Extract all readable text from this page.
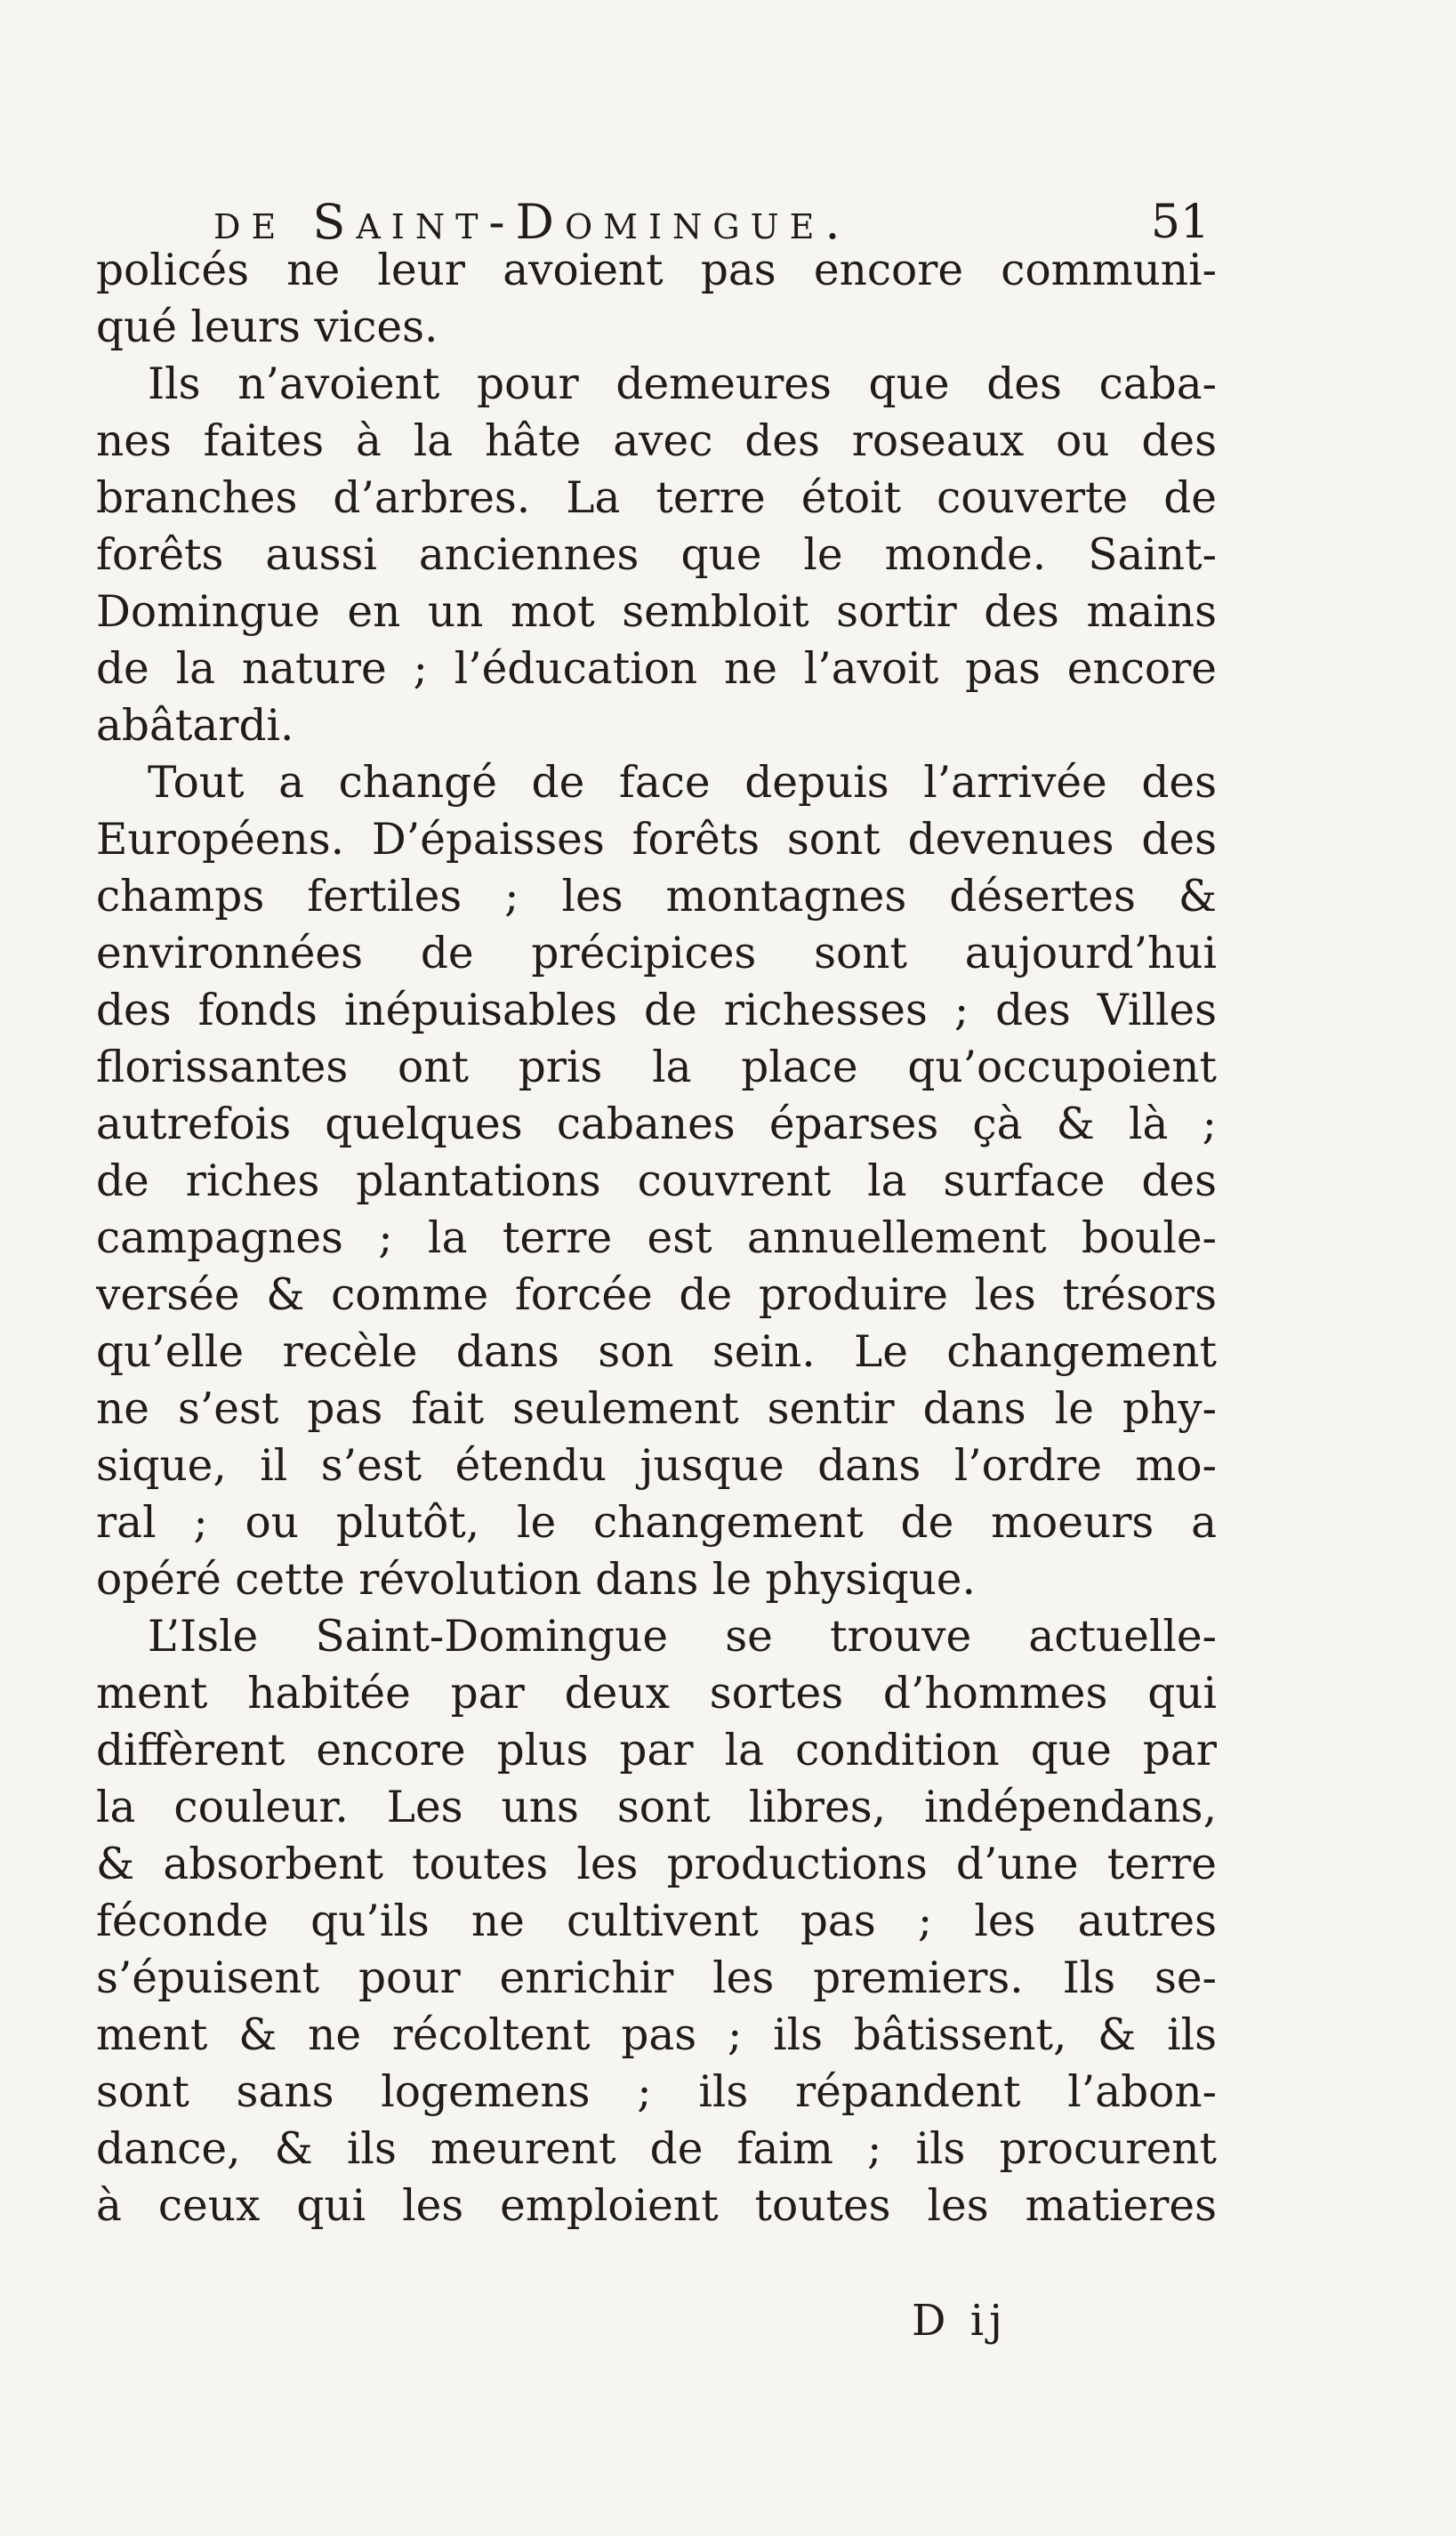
de Saint-Domingue.	51
policés ne leur avoient pas encore communi-
qué leurs vices.
Ils n’avoient pour demeures que des caba-
nes faites à la hâte avec des roseaux ou des
branches d’arbres. La terre étoit couverte de
forêts aussi anciennes que le monde. Saint-
Domingue en un mot sembloit sortir des mains
de la nature ; l’éducation ne l’avoit pas encore
abâtardi.
Tout a changé de face depuis l’arrivée des
Européens. D’épaisses forêts sont devenues des
champs fertiles ; les montagnes désertes &
environnées de précipices sont aujourd’hui
des fonds inépuisables de richesses ; des Villes
florissantes ont pris la place qu’occupoient
autrefois quelques cabanes éparses çà & là ;
de riches plantations couvrent la surface des
campagnes ; la terre est annuellement boule-
versée & comme forcée de produire les trésors
qu’elle recèle dans son sein. Le changement
ne s’est pas fait seulement sentir dans le phy-
sique, il s’est étendu jusque dans l’ordre mo-
ral ; ou plutôt, le changement de moeurs a
opéré cette révolution dans le physique.
L’Isle Saint-Domingue se trouve actuelle-
ment habitée par deux sortes d’hommes qui
diffèrent encore plus par la condition que par
la couleur. Les uns sont libres, indépendans,
& absorbent toutes les productions d’une terre
féconde qu’ils ne cultivent pas ; les autres
s’épuisent pour enrichir les premiers. Ils se-
ment & ne récoltent pas ; ils bâtissent, & ils
sont sans logemens ; ils répandent l’abon-
dance, & ils meurent de faim ; ils procurent
à ceux qui les emploient toutes les matieres
D ij
